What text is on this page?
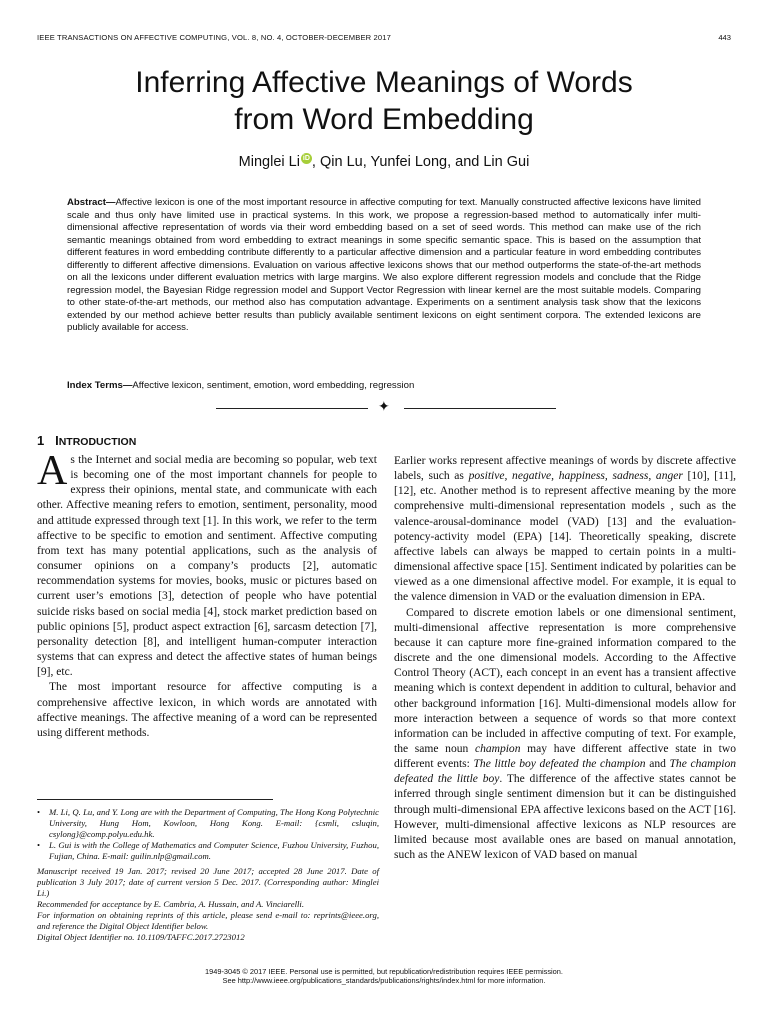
IEEE TRANSACTIONS ON AFFECTIVE COMPUTING, VOL. 8, NO. 4, OCTOBER-DECEMBER 2017	443
Inferring Affective Meanings of Words
from Word Embedding
Minglei Li iD , Qin Lu, Yunfei Long, and Lin Gui
Abstract—Affective lexicon is one of the most important resource in affective computing for text. Manually constructed affective lexicons have limited scale and thus only have limited use in practical systems. In this work, we propose a regression-based method to automatically infer multi-dimensional affective representation of words via their word embedding based on a set of seed words. This method can make use of the rich semantic meanings obtained from word embedding to extract meanings in some specific semantic space. This is based on the assumption that different features in word embedding contribute differently to a particular affective dimension and a particular feature in word embedding contributes differently to different affective dimensions. Evaluation on various affective lexicons shows that our method outperforms the state-of-the-art methods on all the lexicons under different evaluation metrics with large margins. We also explore different regression models and conclude that the Ridge regression model, the Bayesian Ridge regression model and Support Vector Regression with linear kernel are the most suitable models. Comparing to other state-of-the-art methods, our method also has computation advantage. Experiments on a sentiment analysis task show that the lexicons extended by our method achieve better results than publicly available sentiment lexicons on eight sentiment corpora. The extended lexicons are publicly available for access.
Index Terms—Affective lexicon, sentiment, emotion, word embedding, regression
✦
1 INTRODUCTION

As the Internet and social media are becoming so popular, web text is becoming one of the most important channels for people to express their opinions, mental state, and communicate with each other. Affective meaning refers to emotion, sentiment, personality, mood and attitude expressed through text [1]. In this work, we refer to the term affective to be specific to emotion and sentiment. Affective computing from text has many potential applications, such as the analysis of consumer opinions on a company’s products [2], automatic recommendation systems for movies, books, music or pictures based on current user’s emotions [3], detection of people who have potential suicide risks based on social media [4], stock market prediction based on public opinions [5], product aspect extraction [6], sarcasm detection [7], personality detection [8], and intelligent human-computer interaction systems that can express and detect the affective states of human beings [9], etc.

The most important resource for affective computing is a comprehensive affective lexicon, in which words are annotated with affective meanings. The affective meaning of a word can be represented using different methods.

• M. Li, Q. Lu, and Y. Long are with the Department of Computing, The Hong Kong Polytechnic University, Hung Hom, Kowloon, Hong Kong. E-mail: {csmli, csluqin, csylong}@comp.polyu.edu.hk.
• L. Gui is with the College of Mathematics and Computer Science, Fuzhou University, Fuzhou, Fujian, China. E-mail: guilin.nlp@gmail.com.
Manuscript received 19 Jan. 2017; revised 20 June 2017; accepted 28 June 2017. Date of publication 3 July 2017; date of current version 5 Dec. 2017. (Corresponding author: Minglei Li.)
Recommended for acceptance by E. Cambria, A. Hussain, and A. Vinciarelli.
For information on obtaining reprints of this article, please send e-mail to: reprints@ieee.org, and reference the Digital Object Identifier below.
Digital Object Identifier no. 10.1109/TAFFC.2017.2723012

Earlier works represent affective meanings of words by discrete affective labels, such as positive, negative, happiness, sadness, anger [10], [11], [12], etc. Another method is to represent affective meaning by the more comprehensive multi-dimensional representation models , such as the valence-arousal-dominance model (VAD) [13] and the evaluation-potency-activity model (EPA) [14]. Theoretically speaking, discrete affective labels can always be mapped to certain points in a multi-dimensional affective space [15]. Sentiment indicated by polarities can be viewed as a one dimensional affective model. For example, it is equal to the valence dimension in VAD or the evaluation dimension in EPA.

Compared to discrete emotion labels or one dimensional sentiment, multi-dimensional affective representation is more comprehensive because it can capture more fine-grained information compared to the discrete and the one dimensional models. According to the Affective Control Theory (ACT), each concept in an event has a transient affective meaning which is context dependent in addition to cultural, behavior and other background information [16]. Multi-dimensional models allow for more interaction between a sequence of words so that more context information can be included in affective computing of text. For example, the same noun champion may have different affective state in two different events: The little boy defeated the champion and The champion defeated the little boy. The difference of the affective states cannot be inferred through single sentiment dimension but it can be distinguished through multi-dimensional EPA affective lexicons based on the ACT [16]. However, multi-dimensional affective lexicons as NLP resources are limited because most available ones are based on manual annotation, such as the ANEW lexicon of VAD based on manual

1949-3045 © 2017 IEEE. Personal use is permitted, but republication/redistribution requires IEEE permission.
See http://www.ieee.org/publications_standards/publications/rights/index.html for more information.
